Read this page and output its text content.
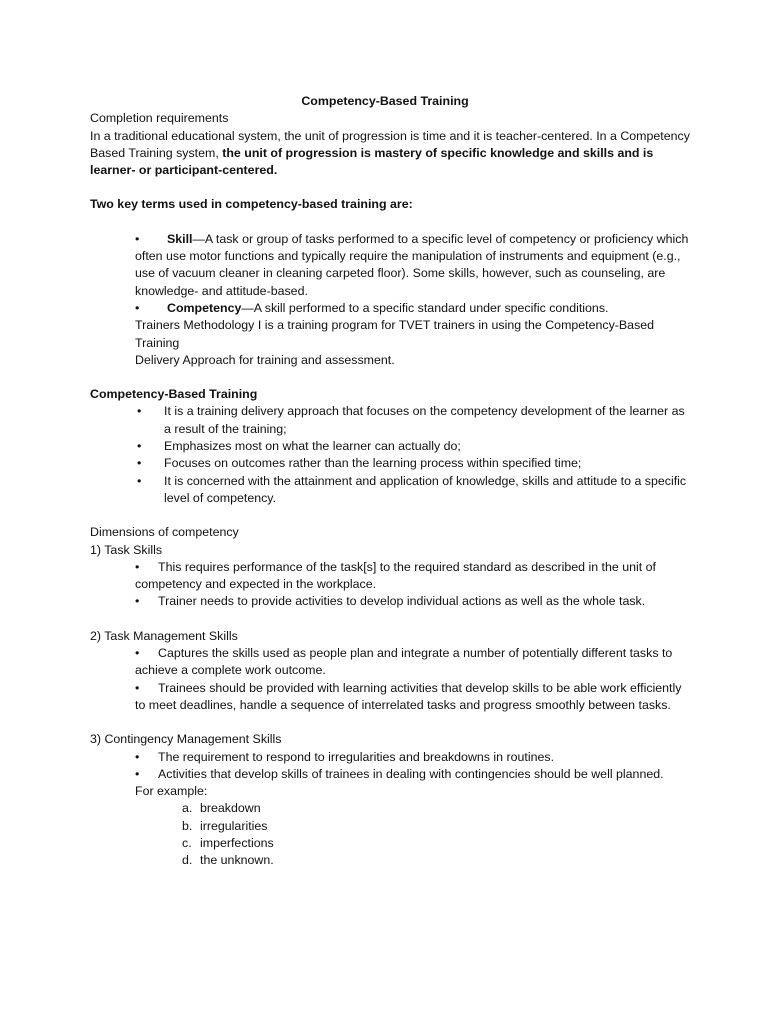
Competency-Based Training

Completion requirements

In a traditional educational system, the unit of progression is time and it is teacher-centered. In a Competency Based Training system, the unit of progression is mastery of specific knowledge and skills and is learner- or participant-centered.

Two key terms used in competency-based training are:

• Skill—A task or group of tasks performed to a specific level of competency or proficiency which often use motor functions and typically require the manipulation of instruments and equipment (e.g., use of vacuum cleaner in cleaning carpeted floor). Some skills, however, such as counseling, are knowledge- and attitude-based.

• Competency—A skill performed to a specific standard under specific conditions.

Trainers Methodology I is a training program for TVET trainers in using the Competency-Based Training

Delivery Approach for training and assessment.

Competency-Based Training

• It is a training delivery approach that focuses on the competency development of the learner as a result of the training;
• Emphasizes most on what the learner can actually do;
• Focuses on outcomes rather than the learning process within specified time;
• It is concerned with the attainment and application of knowledge, skills and attitude to a specific level of competency.

Dimensions of competency

1) Task Skills

• This requires performance of the task[s] to the required standard as described in the unit of competency and expected in the workplace.
• Trainer needs to provide activities to develop individual actions as well as the whole task.

2) Task Management Skills

• Captures the skills used as people plan and integrate a number of potentially different tasks to achieve a complete work outcome.
• Trainees should be provided with learning activities that develop skills to be able work efficiently to meet deadlines, handle a sequence of interrelated tasks and progress smoothly between tasks.

3) Contingency Management Skills

• The requirement to respond to irregularities and breakdowns in routines.
• Activities that develop skills of trainees in dealing with contingencies should be well planned.

For example:

a. breakdown
b. irregularities
c. imperfections
d. the unknown.
